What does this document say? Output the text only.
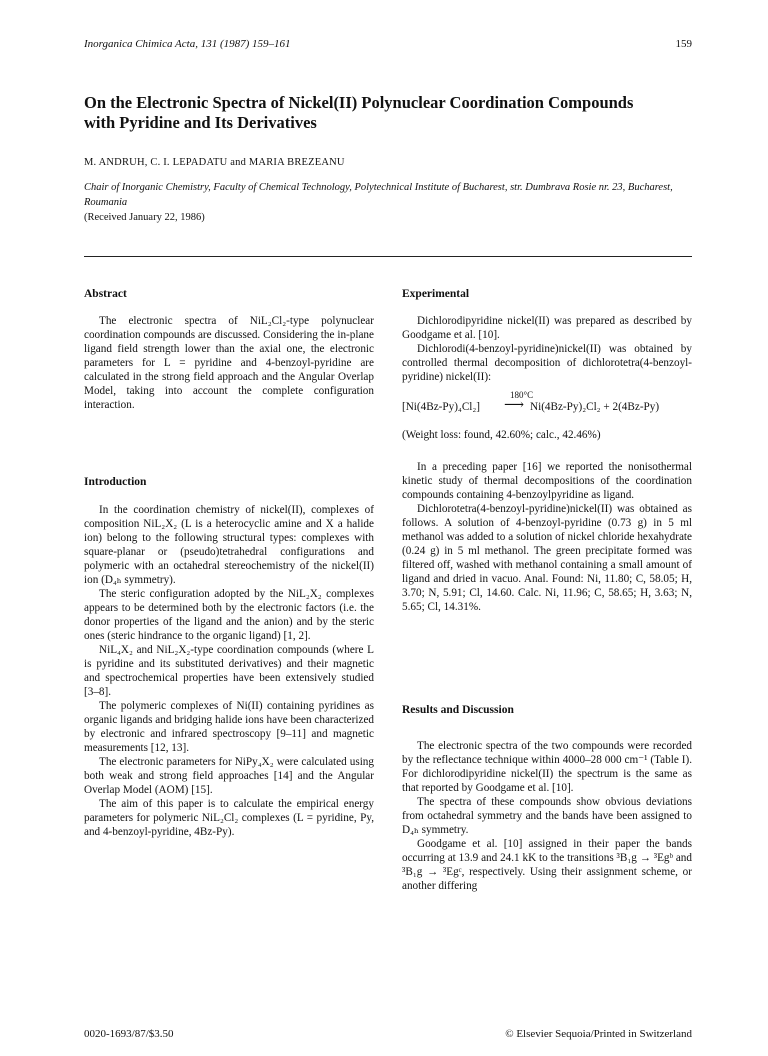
Inorganica Chimica Acta, 131 (1987) 159–161	159
On the Electronic Spectra of Nickel(II) Polynuclear Coordination Compounds
with Pyridine and Its Derivatives
M. ANDRUH, C. I. LEPADATU and MARIA BREZEANU
Chair of Inorganic Chemistry, Faculty of Chemical Technology, Polytechnical Institute of Bucharest, str. Dumbrava Rosie nr. 23, Bucharest, Roumania
(Received January 22, 1986)
Abstract

The electronic spectra of NiL₂Cl₂-type polynuclear coordination compounds are discussed. Considering the in-plane ligand field strength lower than the axial one, the electronic parameters for L = pyridine and 4-benzoyl-pyridine are calculated in the strong field approach and the Angular Overlap Model, taking into account the complete configuration interaction.

Introduction

In the coordination chemistry of nickel(II), complexes of composition NiL₂X₂ (L is a heterocyclic amine and X a halide ion) belong to the following structural types: complexes with square-planar or (pseudo)tetrahedral configurations and polymeric with an octahedral stereochemistry of the nickel(II) ion (D₄ₕ symmetry).

The steric configuration adopted by the NiL₂X₂ complexes appears to be determined both by the electronic factors (i.e. the donor properties of the ligand and the anion) and by the steric ones (steric hindrance to the organic ligand) [1, 2].

NiL₄X₂ and NiL₂X₂-type coordination compounds (where L is pyridine and its substituted derivatives) and their magnetic and spectrochemical properties have been extensively studied [3–8].

The polymeric complexes of Ni(II) containing pyridines as organic ligands and bridging halide ions have been characterized by electronic and infrared spectroscopy [9–11] and magnetic measurements [12, 13].

The electronic parameters for NiPy₄X₂ were calculated using both weak and strong field approaches [14] and the Angular Overlap Model (AOM) [15].

The aim of this paper is to calculate the empirical energy parameters for polymeric NiL₂Cl₂ complexes (L = pyridine, Py, and 4-benzoyl-pyridine, 4Bz-Py).

Experimental

Dichlorodipyridine nickel(II) was prepared as described by Goodgame et al. [10].

Dichlorodi(4-benzoyl-pyridine)nickel(II) was obtained by controlled thermal decomposition of dichlorotetra(4-benzoyl-pyridine) nickel(II):

[Ni(4Bz-Py)₄Cl₂]
180°C
⟶ Ni(4Bz-Py)₂Cl₂ + 2(4Bz-Py)

(Weight loss: found, 42.60%; calc., 42.46%)

In a preceding paper [16] we reported the nonisothermal kinetic study of thermal decompositions of the coordination compounds containing 4-benzoylpyridine as ligand.

Dichlorotetra(4-benzoyl-pyridine)nickel(II) was obtained as follows. A solution of 4-benzoyl-pyridine (0.73 g) in 5 ml methanol was added to a solution of nickel chloride hexahydrate (0.24 g) in 5 ml methanol. The green precipitate formed was filtered off, washed with methanol containing a small amount of ligand and dried in vacuo. Anal. Found: Ni, 11.80; C, 58.05; H, 3.70; N, 5.91; Cl, 14.60. Calc. Ni, 11.96; C, 58.65; H, 3.63; N, 5.65; Cl, 14.31%.

Results and Discussion

The electronic spectra of the two compounds were recorded by the reflectance technique within 4000–28 000 cm⁻¹ (Table I). For dichlorodipyridine nickel(II) the spectrum is the same as that reported by Goodgame et al. [10].

The spectra of these compounds show obvious deviations from octahedral symmetry and the bands have been assigned to D₄ₕ symmetry.

Goodgame et al. [10] assigned in their paper the bands occurring at 13.9 and 24.1 kK to the transitions ³B₁g → ³Egᵇ and ³B₁g → ³Egᶜ, respectively. Using their assignment scheme, or another differing

0020-1693/87/$3.50	© Elsevier Sequoia/Printed in Switzerland
